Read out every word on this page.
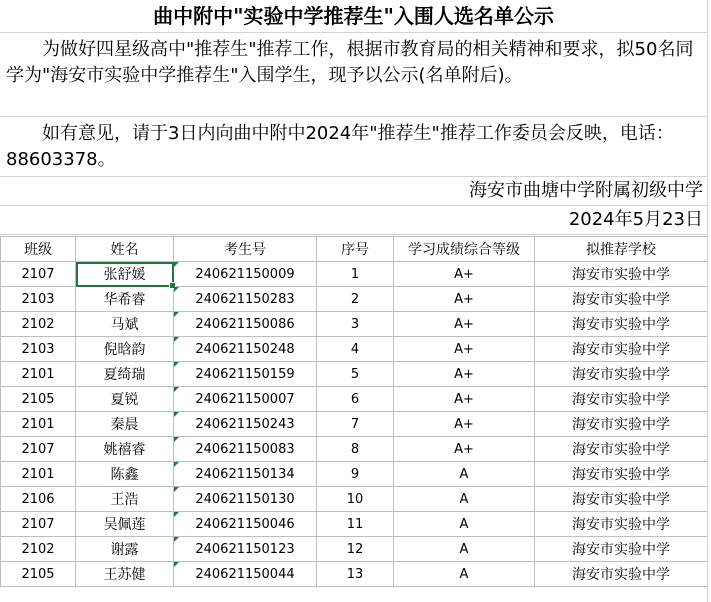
曲中附中"实验中学推荐生"入围人选名单公示
为做好四星级高中"推荐生"推荐工作，根据市教育局的相关精神和要求，拟50名同学为"海安市实验中学推荐生"入围学生，现予以公示(名单附后)。
如有意见，请于3日内向曲中附中2024年"推荐生"推荐工作委员会反映，电话：88603378。
海安市曲塘中学附属初级中学
2024年5月23日
班级	姓名	考生号	序号	学习成绩综合等级	拟推荐学校
2107	张舒媛	240621150009	1	A+	海安市实验中学
2103	华希睿	240621150283	2	A+	海安市实验中学
2102	马斌	240621150086	3	A+	海安市实验中学
2103	倪晗韵	240621150248	4	A+	海安市实验中学
2101	夏绮瑞	240621150159	5	A+	海安市实验中学
2105	夏锐	240621150007	6	A+	海安市实验中学
2101	秦晨	240621150243	7	A+	海安市实验中学
2107	姚禧睿	240621150083	8	A+	海安市实验中学
2101	陈鑫	240621150134	9	A	海安市实验中学
2106	王浩	240621150130	10	A	海安市实验中学
2107	吴佩莲	240621150046	11	A	海安市实验中学
2102	谢露	240621150123	12	A	海安市实验中学
2105	王苏健	240621150044	13	A	海安市实验中学
